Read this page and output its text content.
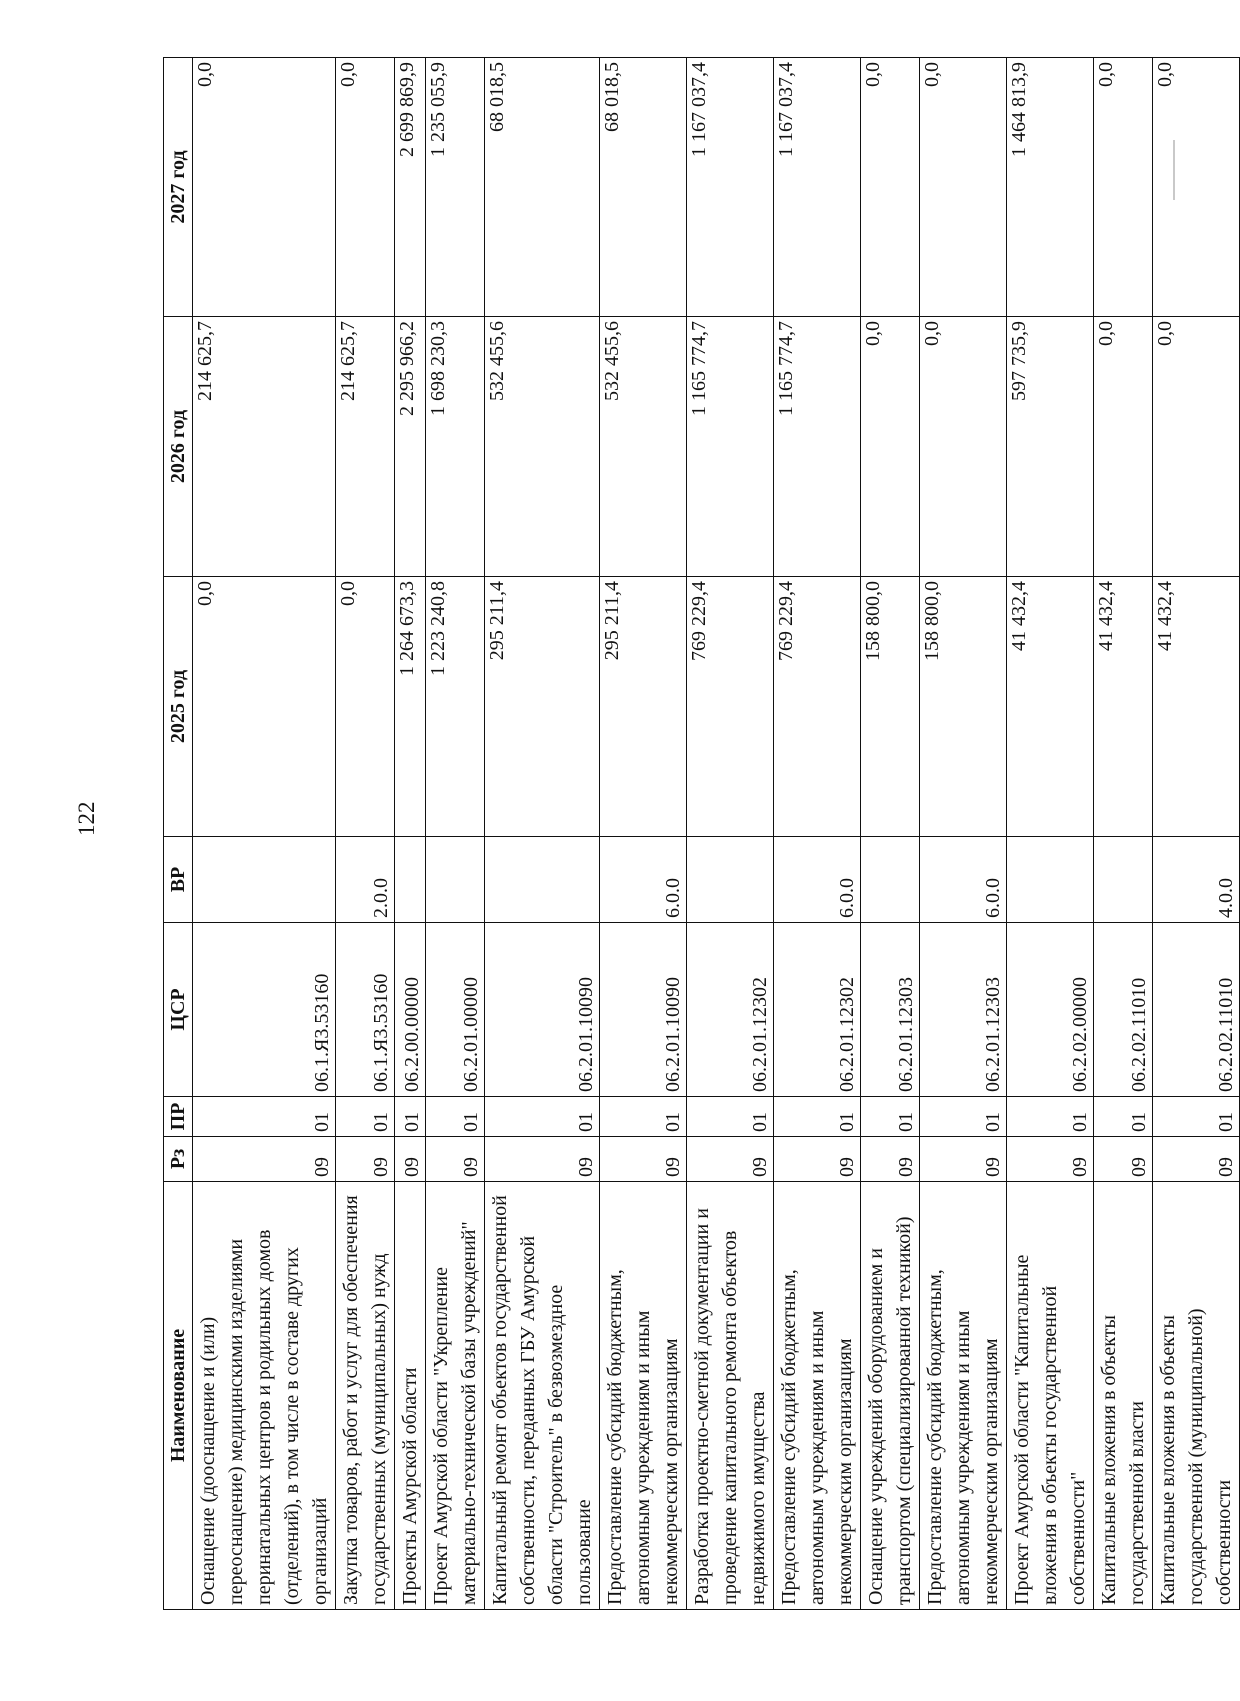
122
Наименование	Рз	ПР	ЦСР	ВР	2025 год	2026 год	2027 год
Оснащение (дооснащение и (или) переоснащение) медицинскими изделиями перинатальных центров и родильных домов (отделений), в том числе в составе других организаций	09	01	06.1.Я3.53160		0,0	214 625,7	0,0
Закупка товаров, работ и услуг для обеспечения государственных (муниципальных) нужд	09	01	06.1.Я3.53160	2.0.0	0,0	214 625,7	0,0
Проекты Амурской области	09	01	06.2.00.00000		1 264 673,3	2 295 966,2	2 699 869,9
Проект Амурской области "Укрепление материально-технической базы учреждений"	09	01	06.2.01.00000		1 223 240,8	1 698 230,3	1 235 055,9
Капитальный ремонт объектов государственной собственности, переданных ГБУ Амурской области "Строитель" в безвозмездное пользование	09	01	06.2.01.10090		295 211,4	532 455,6	68 018,5
Предоставление субсидий бюджетным, автономным учреждениям и иным некоммерческим организациям	09	01	06.2.01.10090	6.0.0	295 211,4	532 455,6	68 018,5
Разработка проектно-сметной документации и проведение капитального ремонта объектов недвижимого имущества	09	01	06.2.01.12302		769 229,4	1 165 774,7	1 167 037,4
Предоставление субсидий бюджетным, автономным учреждениям и иным некоммерческим организациям	09	01	06.2.01.12302	6.0.0	769 229,4	1 165 774,7	1 167 037,4
Оснащение учреждений оборудованием и транспортом (специализированной техникой)	09	01	06.2.01.12303		158 800,0	0,0	0,0
Предоставление субсидий бюджетным, автономным учреждениям и иным некоммерческим организациям	09	01	06.2.01.12303	6.0.0	158 800,0	0,0	0,0
Проект Амурской области "Капитальные вложения в объекты государственной собственности"	09	01	06.2.02.00000		41 432,4	597 735,9	1 464 813,9
Капитальные вложения в объекты государственной власти	09	01	06.2.02.11010		41 432,4	0,0	0,0
Капитальные вложения в объекты государственной (муниципальной) собственности	09	01	06.2.02.11010	4.0.0	41 432,4	0,0	0,0
